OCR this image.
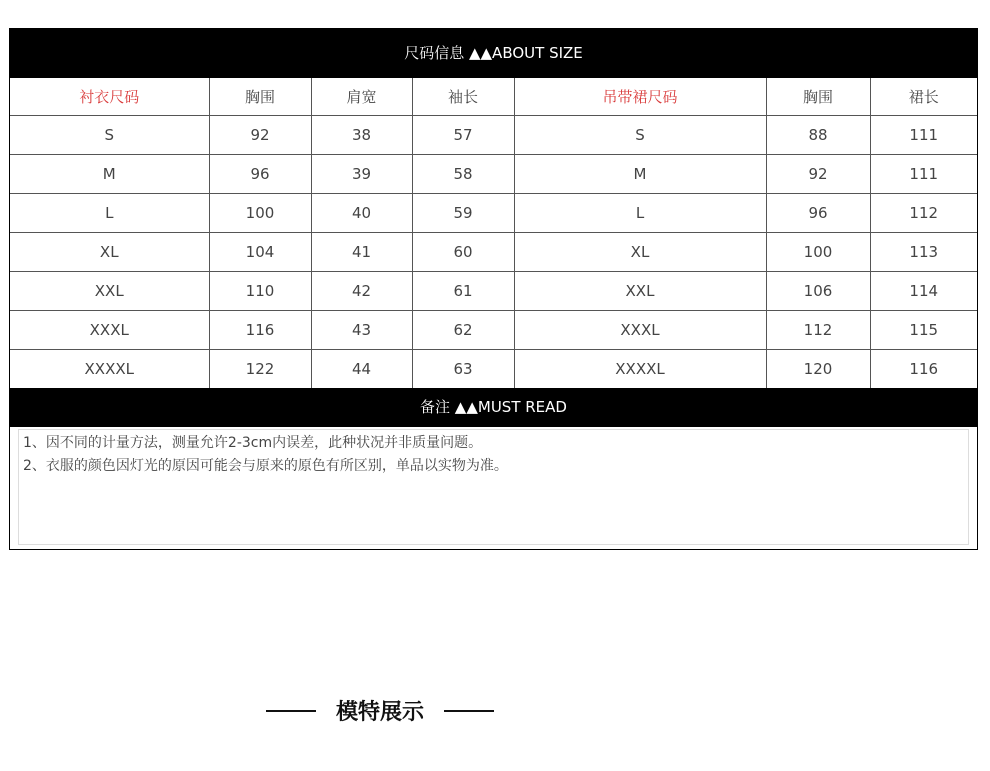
尺码信息 ▲▲ABOUT SIZE
衬衣尺码	胸围	肩宽	袖长	吊带裙尺码	胸围	裙长
S	92	38	57	S	88	111
M	96	39	58	M	92	111
L	100	40	59	L	96	112
XL	104	41	60	XL	100	113
XXL	110	42	61	XXL	106	114
XXXL	116	43	62	XXXL	112	115
XXXXL	122	44	63	XXXXL	120	116
备注 ▲▲MUST READ
1、因不同的计量方法，测量允许2-3cm内误差，此种状况并非质量问题。
2、衣服的颜色因灯光的原因可能会与原来的原色有所区别，单品以实物为准。
模特展示
